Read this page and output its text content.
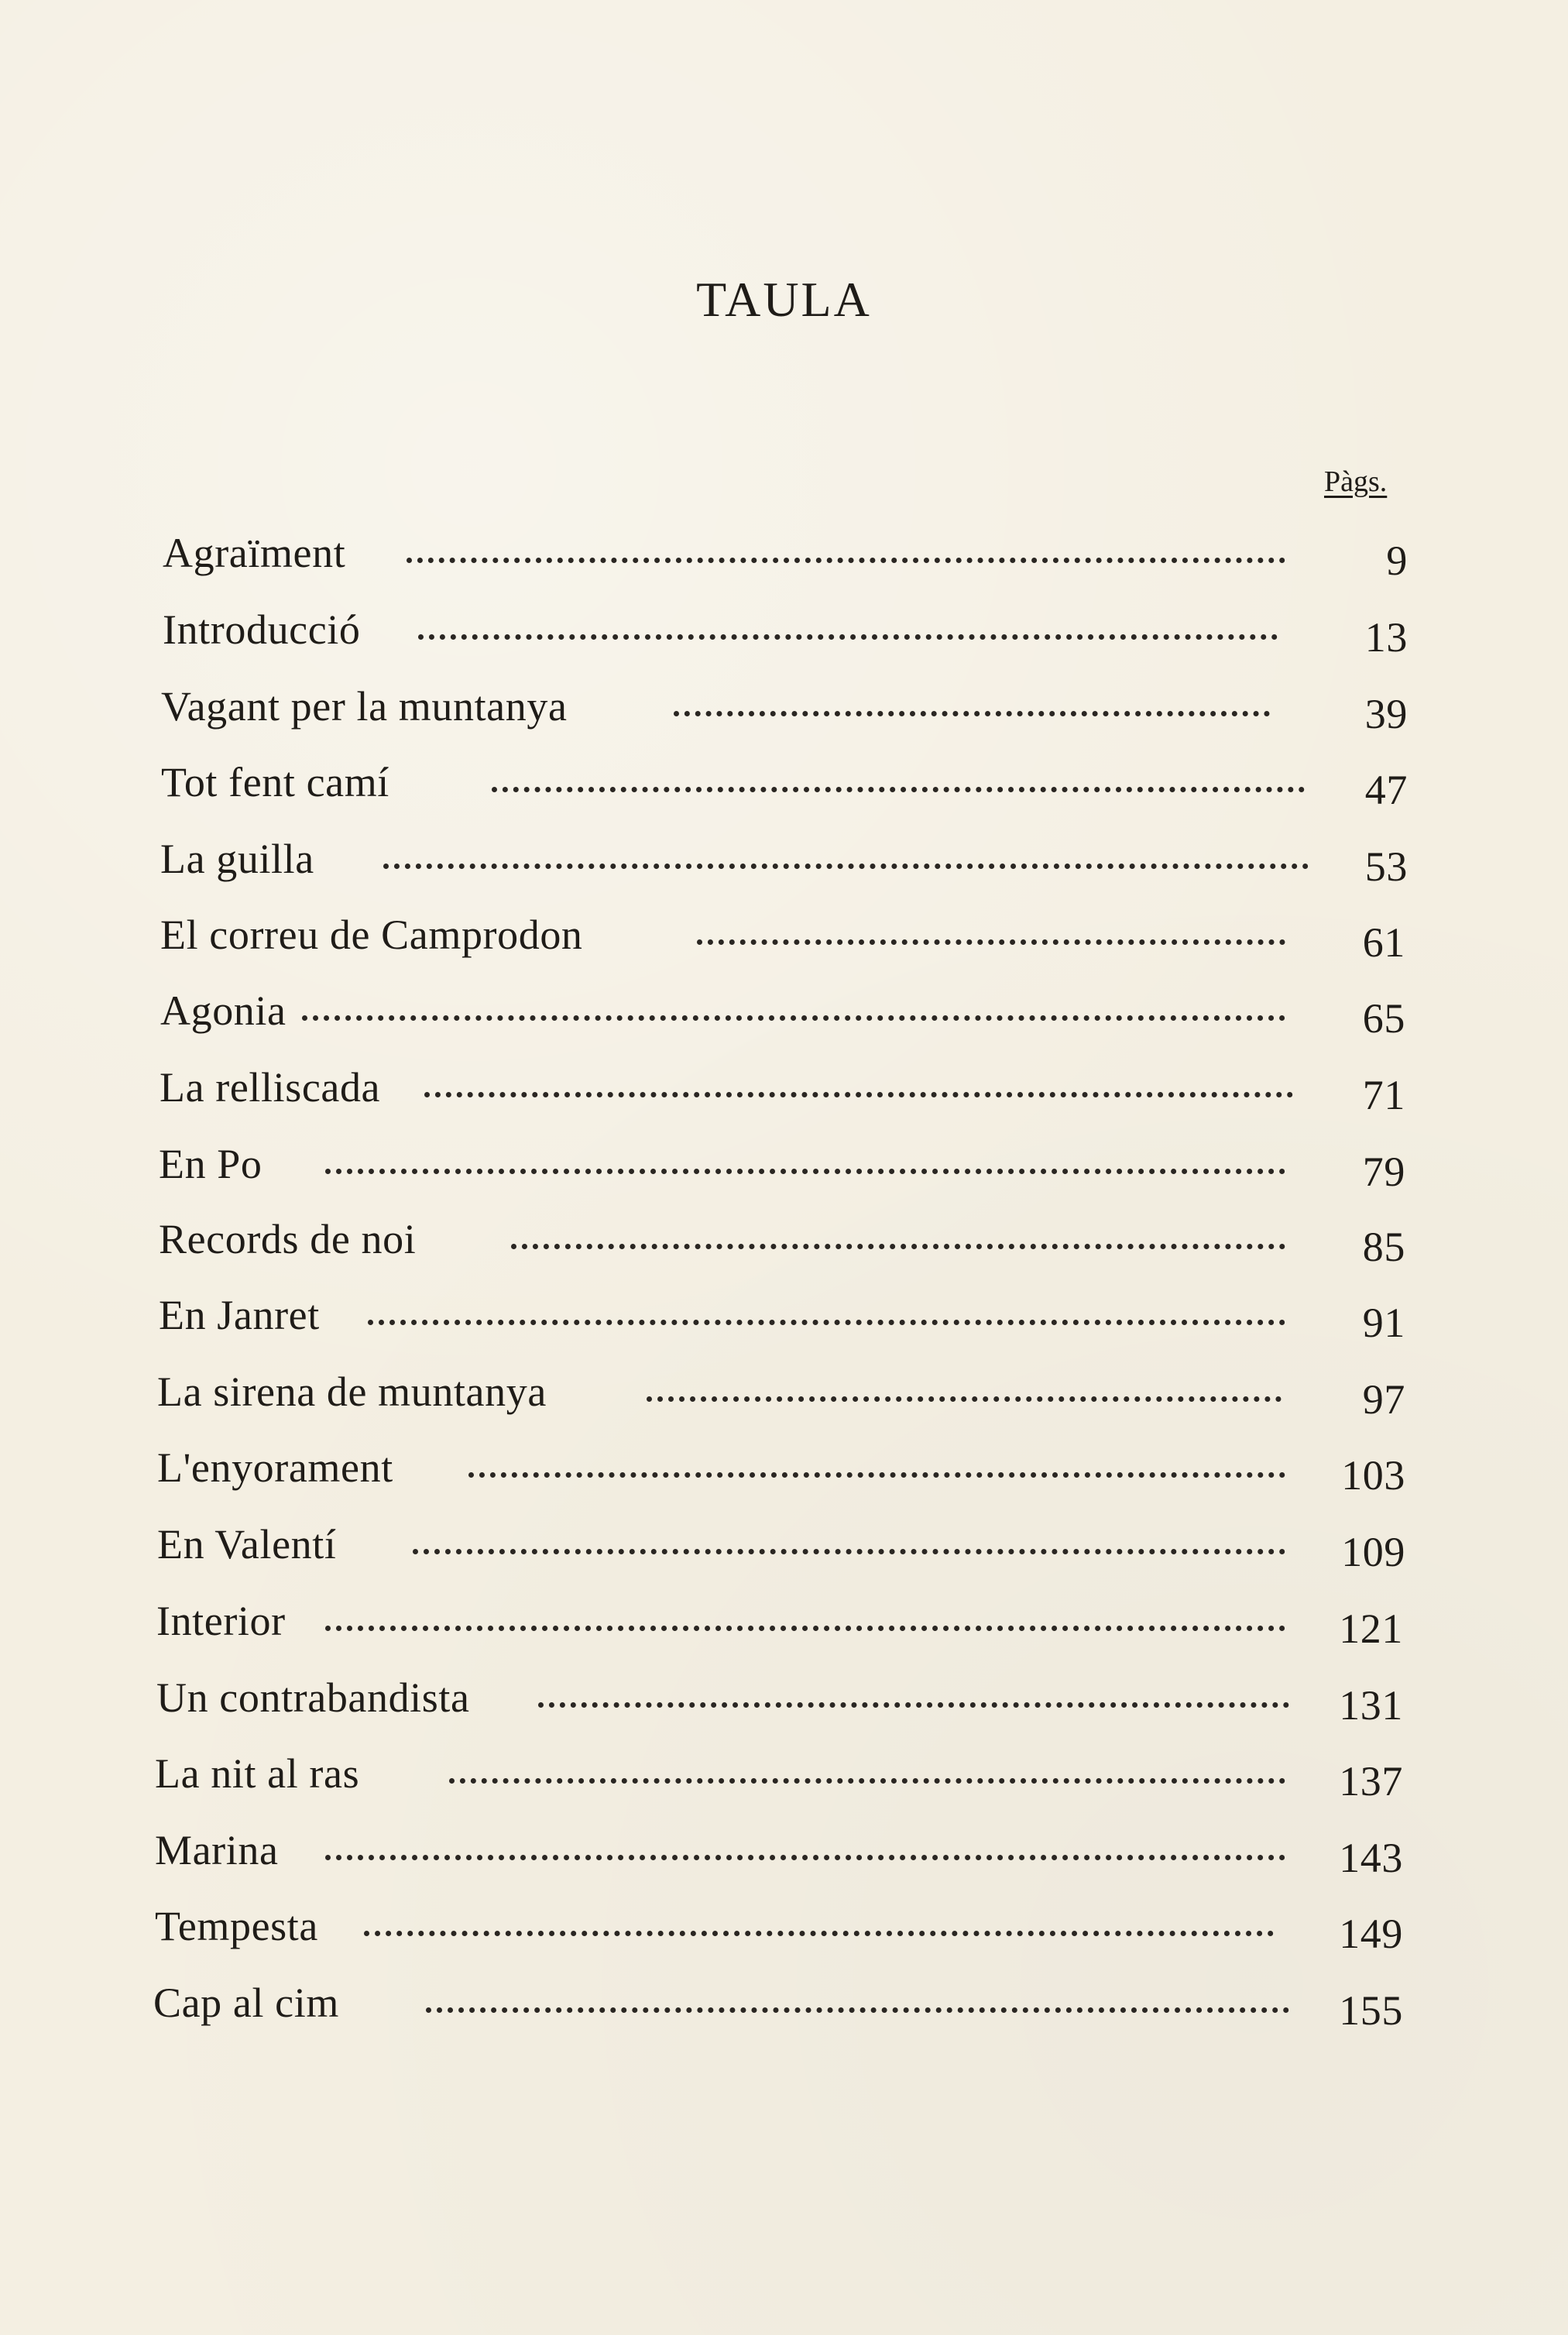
TAULA
Pàgs.
Agraïment	9
Introducció	13
Vagant per la muntanya	39
Tot fent camí	47
La guilla	53
El correu de Camprodon	61
Agonia	65
La relliscada	71
En Po	79
Records de noi	85
En Janret	91
La sirena de muntanya	97
L'enyorament	103
En Valentí	109
Interior	121
Un contrabandista	131
La nit al ras	137
Marina	143
Tempesta	149
Cap al cim	155
